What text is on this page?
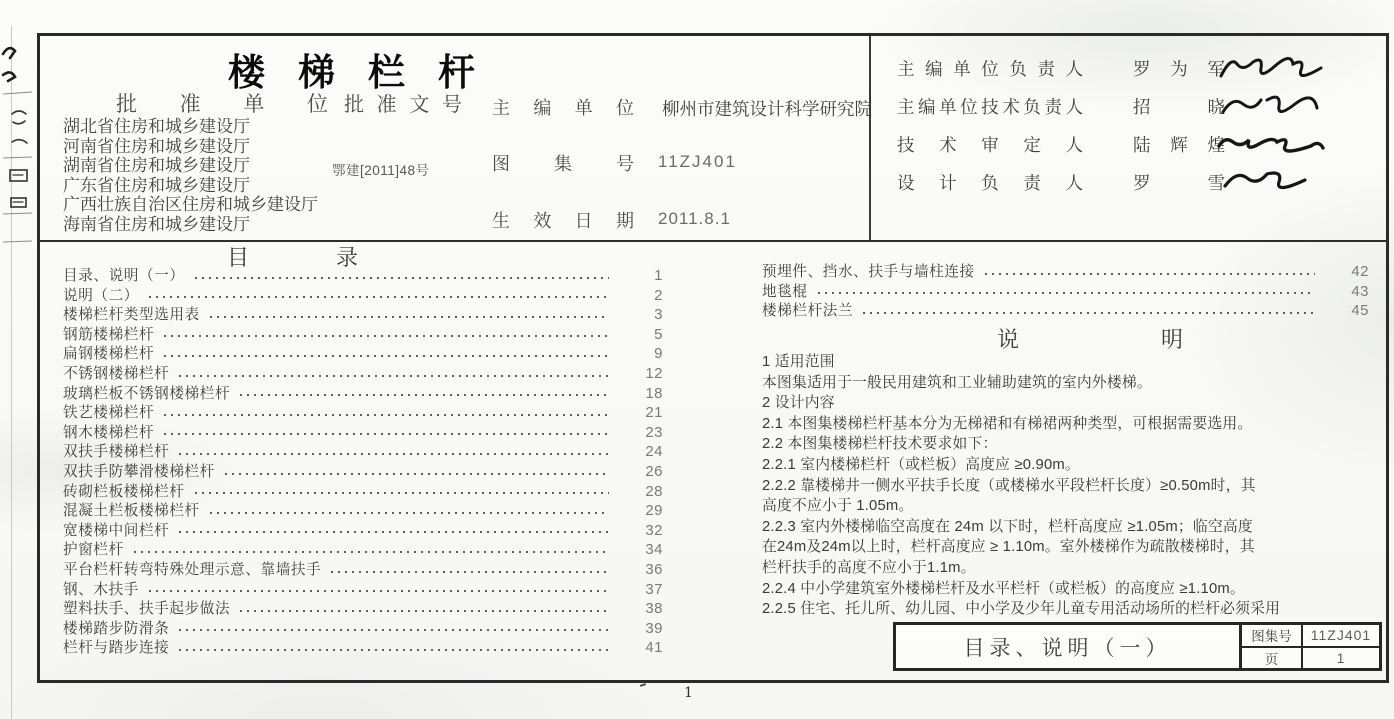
楼梯栏杆
批准单位 批准文号
湖北省住房和城乡建设厅
河南省住房和城乡建设厅
湖南省住房和城乡建设厅
广东省住房和城乡建设厅
广西壮族自治区住房和城乡建设厅
海南省住房和城乡建设厅
鄂建[2011]48号
主编单位 柳州市建筑设计科学研究院
图集号 11ZJ401
生效日期 2011.8.1
主编单位负责人	罗为军
主编单位技术负责人	招晓
技术审定人	陆辉煌
设计负责人	罗雪
目录
目录、说明（一）	1
说明（二）	2
楼梯栏杆类型选用表	3
钢筋楼梯栏杆	5
扁钢楼梯栏杆	9
不锈钢楼梯栏杆	12
玻璃栏板不锈钢楼梯栏杆	18
铁艺楼梯栏杆	21
钢木楼梯栏杆	23
双扶手楼梯栏杆	24
双扶手防攀滑楼梯栏杆	26
砖砌栏板楼梯栏杆	28
混凝土栏板楼梯栏杆	29
宽楼梯中间栏杆	32
护窗栏杆	34
平台栏杆转弯特殊处理示意、靠墙扶手	36
钢、木扶手	37
塑料扶手、扶手起步做法	38
楼梯踏步防滑条	39
栏杆与踏步连接	41
预埋件、挡水、扶手与墙柱连接	42
地毯棍	43
楼梯栏杆法兰	45
说明
1 适用范围
本图集适用于一般民用建筑和工业辅助建筑的室内外楼梯。
2 设计内容
2.1 本图集楼梯栏杆基本分为无梯裙和有梯裙两种类型，可根据需要选用。
2.2 本图集楼梯栏杆技术要求如下：
2.2.1 室内楼梯栏杆（或栏板）高度应 ≥0.90m。
2.2.2 靠楼梯井一侧水平扶手长度（或楼梯水平段栏杆长度）≥0.50m时，其
高度不应小于 1.05m。
2.2.3 室内外楼梯临空高度在 24m 以下时，栏杆高度应 ≥1.05m；临空高度
在24m及24m以上时，栏杆高度应 ≥ 1.10m。室外楼梯作为疏散楼梯时，其
栏杆扶手的高度不应小于1.1m。
2.2.4 中小学建筑室外楼梯栏杆及水平栏杆（或栏板）的高度应 ≥1.10m。
2.2.5 住宅、托儿所、幼儿园、中小学及少年儿童专用活动场所的栏杆必须采用
目录、说明（一）	图集号	11ZJ401
页	1
1
